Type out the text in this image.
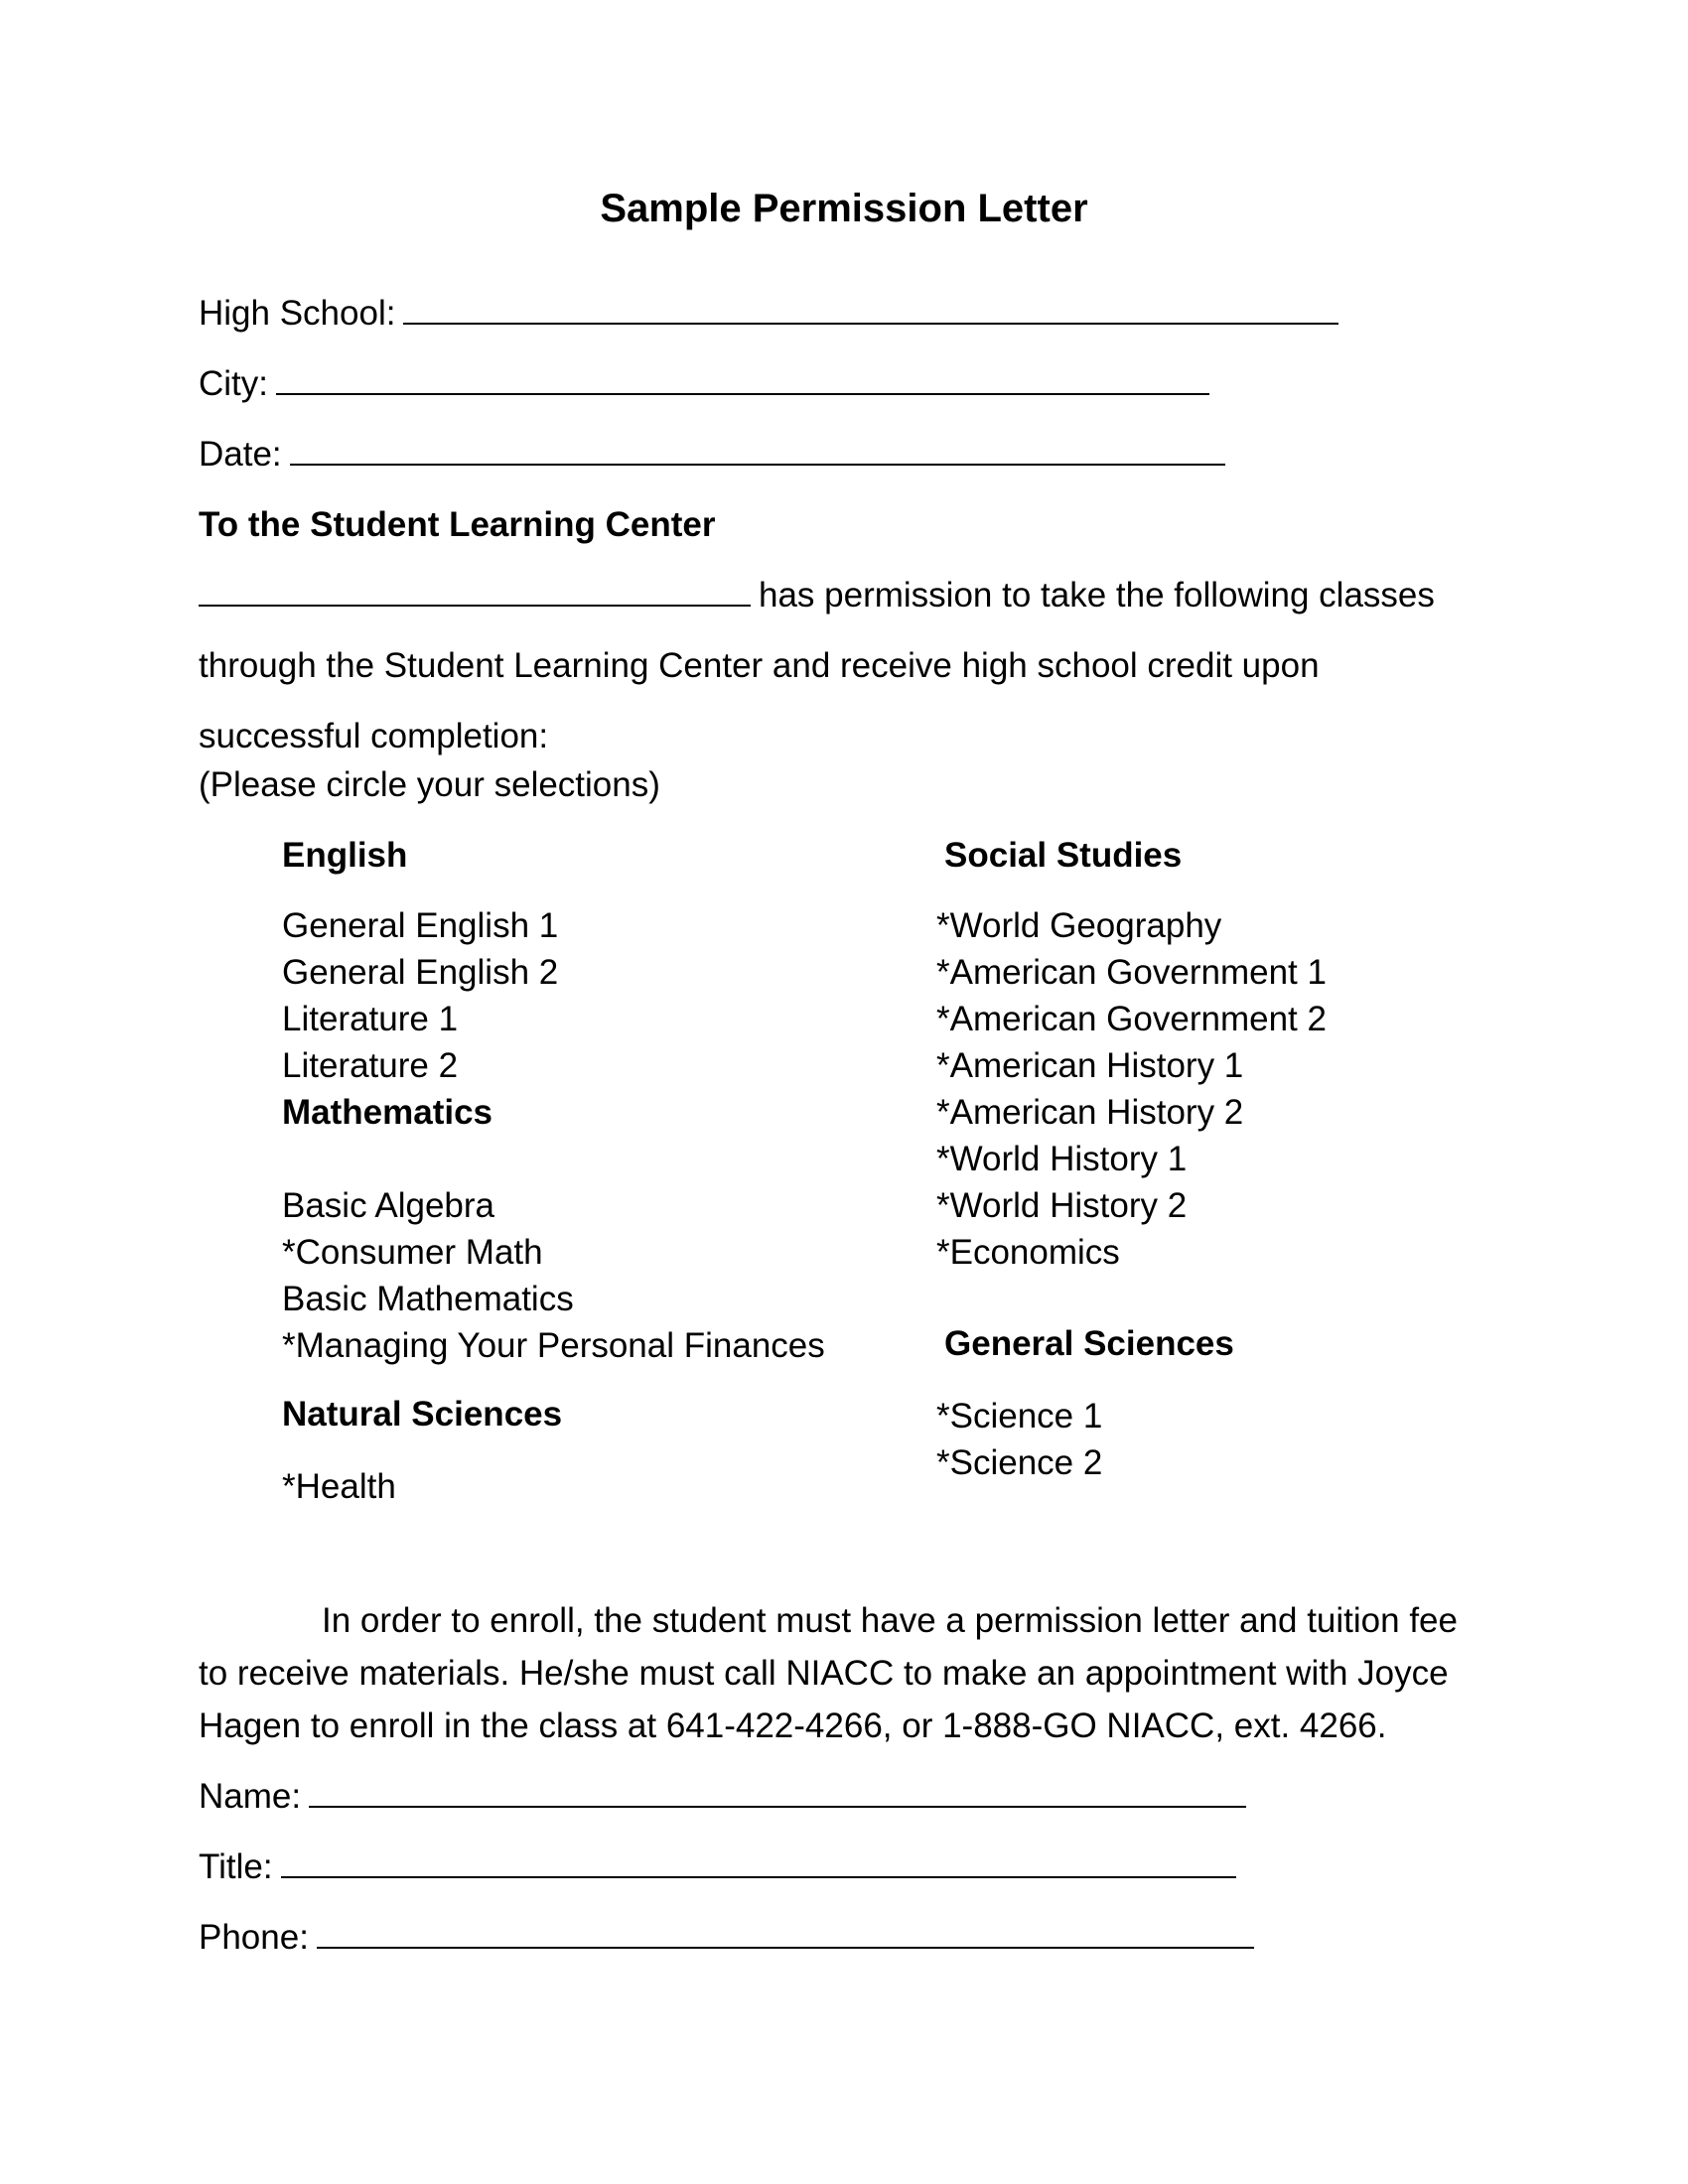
Sample Permission Letter
High School:
City:
Date:
To the Student Learning Center
has permission to take the following classes
through the Student Learning Center and receive high school credit upon
successful completion:
(Please circle your selections)
English
General English 1
General English 2
Literature 1
Literature 2
Mathematics
Basic Algebra
*Consumer Math
Basic Mathematics
*Managing Your Personal Finances
Natural Sciences
*Health
Social Studies
*World Geography
*American Government 1
*American Government 2
*American History 1
*American History 2
*World History 1
*World History 2
*Economics
General Sciences
*Science 1
*Science 2
In order to enroll, the student must have a permission letter and tuition fee
to receive materials. He/she must call NIACC to make an appointment with Joyce
Hagen to enroll in the class at 641-422-4266, or 1-888-GO NIACC, ext. 4266.
Name:
Title:
Phone:
